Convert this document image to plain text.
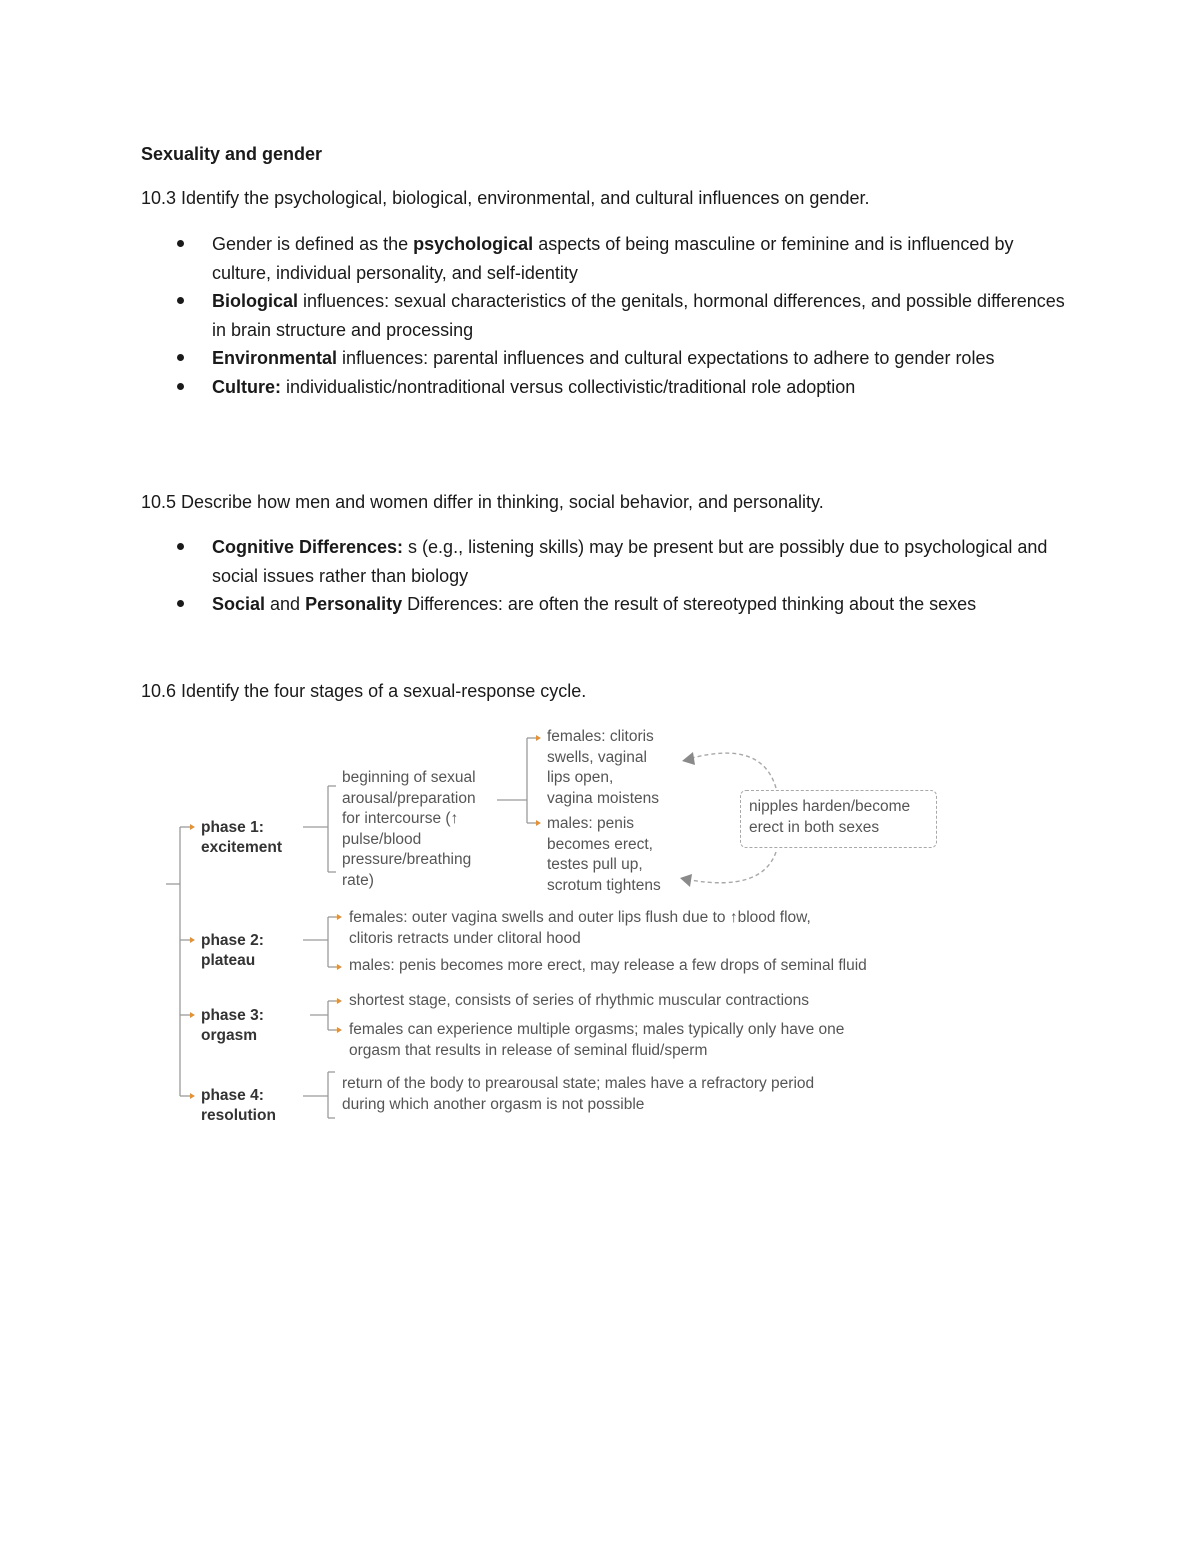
Sexuality and gender
10.3 Identify the psychological, biological, environmental, and cultural influences on gender.
Gender is defined as the psychological aspects of being masculine or feminine and is influenced by culture, individual personality, and self-identity
Biological influences: sexual characteristics of the genitals, hormonal differences, and possible differences in brain structure and processing
Environmental influences: parental influences and cultural expectations to adhere to gender roles
Culture: individualistic/nontraditional versus collectivistic/traditional role adoption
10.5 Describe how men and women differ in thinking, social behavior, and personality.
Cognitive Differences: s (e.g., listening skills) may be present but are possibly due to psychological and social issues rather than biology
Social and Personality Differences: are often the result of stereotyped thinking about the sexes
10.6 Identify the four stages of a sexual-response cycle.
phase 1:
excitement
phase 2:
plateau
phase 3:
orgasm
phase 4:
resolution
beginning of sexual
arousal/preparation
for intercourse (↑
pulse/blood
pressure/breathing
rate)
females: clitoris
swells, vaginal
lips open,
vagina moistens
males: penis
becomes erect,
testes pull up,
scrotum tightens
nipples harden/become
erect in both sexes
females: outer vagina swells and outer lips flush due to ↑blood flow,
clitoris retracts under clitoral hood
males: penis becomes more erect, may release a few drops of seminal fluid
shortest stage, consists of series of rhythmic muscular contractions
females can experience multiple orgasms; males typically only have one
orgasm that results in release of seminal fluid/sperm
return of the body to prearousal state; males have a refractory period
during which another orgasm is not possible
